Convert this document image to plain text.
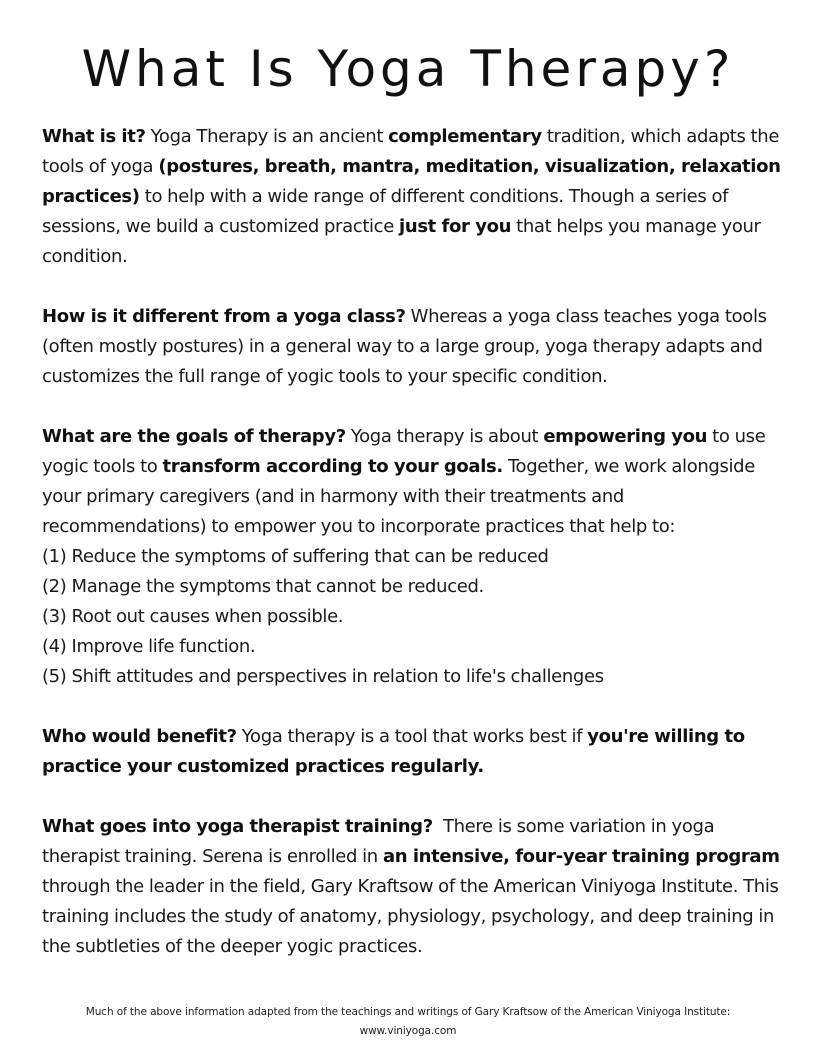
What Is Yoga Therapy?

What is it? Yoga Therapy is an ancient complementary tradition, which adapts the tools of yoga (postures, breath, mantra, meditation, visualization, relaxation practices) to help with a wide range of different conditions. Though a series of sessions, we build a customized practice just for you that helps you manage your condition.

How is it different from a yoga class? Whereas a yoga class teaches yoga tools (often mostly postures) in a general way to a large group, yoga therapy adapts and customizes the full range of yogic tools to your specific condition.

What are the goals of therapy? Yoga therapy is about empowering you to use yogic tools to transform according to your goals. Together, we work alongside your primary caregivers (and in harmony with their treatments and recommendations) to empower you to incorporate practices that help to:

(1) Reduce the symptoms of suffering that can be reduced
(2) Manage the symptoms that cannot be reduced.
(3) Root out causes when possible.
(4) Improve life function.
(5) Shift attitudes and perspectives in relation to life's challenges

Who would benefit? Yoga therapy is a tool that works best if you're willing to practice your customized practices regularly.

What goes into yoga therapist training?  There is some variation in yoga therapist training. Serena is enrolled in an intensive, four-year training program through the leader in the field, Gary Kraftsow of the American Viniyoga Institute. This training includes the study of anatomy, physiology, psychology, and deep training in the subtleties of the deeper yogic practices.

Much of the above information adapted from the teachings and writings of Gary Kraftsow of the American Viniyoga Institute:
www.viniyoga.com
